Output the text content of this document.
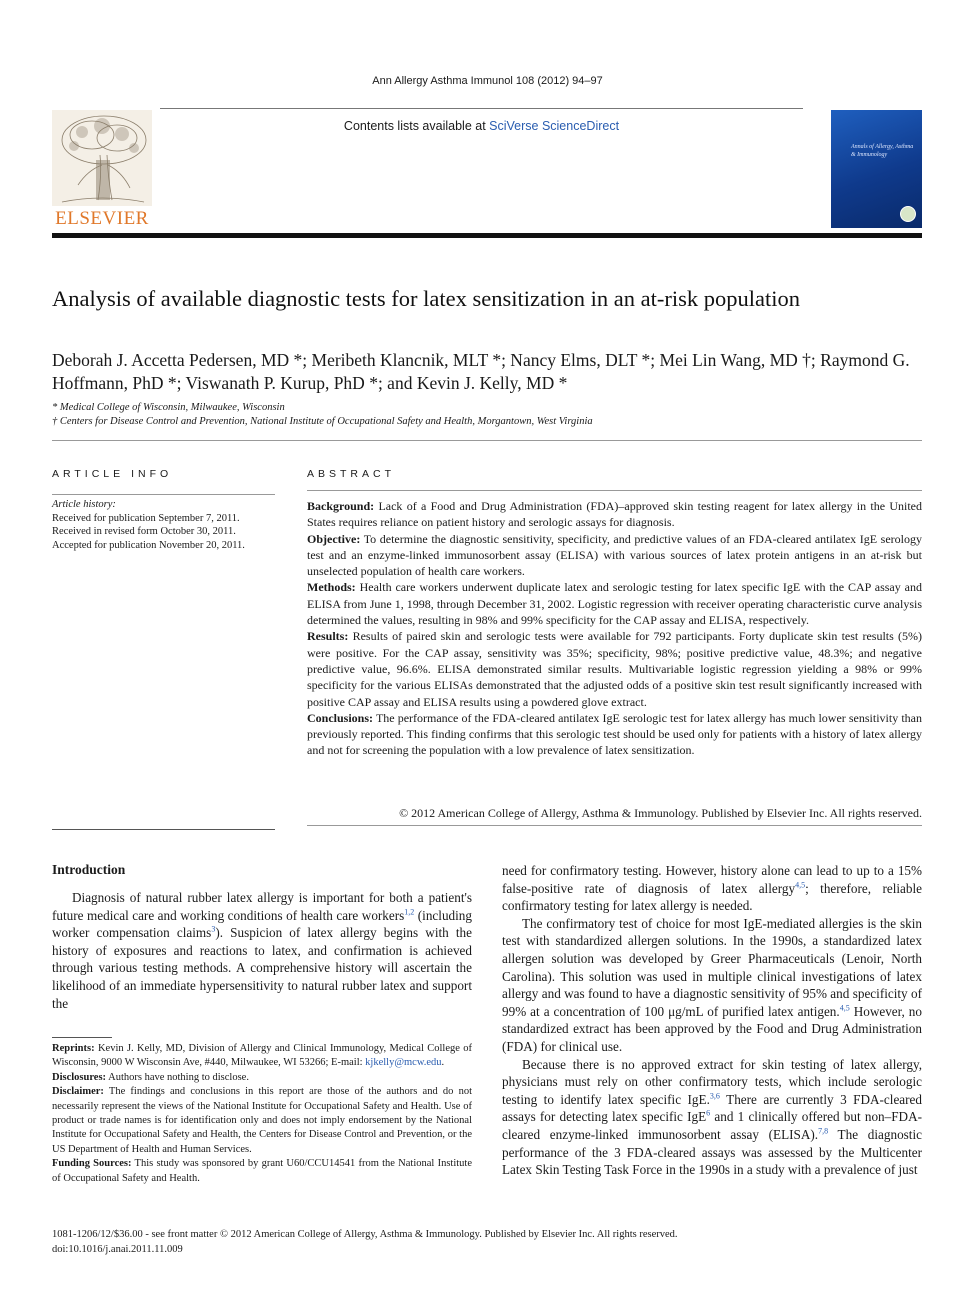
Ann Allergy Asthma Immunol 108 (2012) 94–97
Contents lists available at SciVerse ScienceDirect
ELSEVIER
Annals of Allergy, Asthma & Immunology
Analysis of available diagnostic tests for latex sensitization in an at-risk population
Deborah J. Accetta Pedersen, MD *; Meribeth Klancnik, MLT *; Nancy Elms, DLT *; Mei Lin Wang, MD †; Raymond G. Hoffmann, PhD *; Viswanath P. Kurup, PhD *; and Kevin J. Kelly, MD *
* Medical College of Wisconsin, Milwaukee, Wisconsin
† Centers for Disease Control and Prevention, National Institute of Occupational Safety and Health, Morgantown, West Virginia
ARTICLE INFO	ABSTRACT
Article history:
Received for publication September 7, 2011.
Received in revised form October 30, 2011.
Accepted for publication November 20, 2011.
Background: Lack of a Food and Drug Administration (FDA)–approved skin testing reagent for latex allergy in the United States requires reliance on patient history and serologic assays for diagnosis.
Objective: To determine the diagnostic sensitivity, specificity, and predictive values of an FDA-cleared antilatex IgE serology test and an enzyme-linked immunosorbent assay (ELISA) with various sources of latex protein antigens in an at-risk but unselected population of health care workers.
Methods: Health care workers underwent duplicate latex and serologic testing for latex specific IgE with the CAP assay and ELISA from June 1, 1998, through December 31, 2002. Logistic regression with receiver operating characteristic curve analysis determined the values, resulting in 98% and 99% specificity for the CAP assay and ELISA, respectively.
Results: Results of paired skin and serologic tests were available for 792 participants. Forty duplicate skin test results (5%) were positive. For the CAP assay, sensitivity was 35%; specificity, 98%; positive predictive value, 48.3%; and negative predictive value, 96.6%. ELISA demonstrated similar results. Multivariable logistic regression yielding a 98% or 99% specificity for the various ELISAs demonstrated that the adjusted odds of a positive skin test result significantly increased with positive CAP assay and ELISA results using a powdered glove extract.
Conclusions: The performance of the FDA-cleared antilatex IgE serologic test for latex allergy has much lower sensitivity than previously reported. This finding confirms that this serologic test should be used only for patients with a history of latex allergy and not for screening the population with a low prevalence of latex sensitization.
© 2012 American College of Allergy, Asthma & Immunology. Published by Elsevier Inc. All rights reserved.
Introduction

Diagnosis of natural rubber latex allergy is important for both a patient's future medical care and working conditions of health care workers$^{1,2}$ (including worker compensation claims$^3$). Suspicion of latex allergy begins with the history of exposures and reactions to latex, and confirmation is achieved through various testing methods. A comprehensive history will ascertain the likelihood of an immediate hypersensitivity to natural rubber latex and support the

need for confirmatory testing. However, history alone can lead to up to a 15% false-positive rate of diagnosis of latex allergy$^{4,5}$; therefore, reliable confirmatory testing for latex allergy is needed.

The confirmatory test of choice for most IgE-mediated allergies is the skin test with standardized allergen solutions. In the 1990s, a standardized latex allergen solution was developed by Greer Pharmaceuticals (Lenoir, North Carolina). This solution was used in multiple clinical investigations of latex allergy and was found to have a diagnostic sensitivity of 95% and specificity of 99% at a concentration of 100 μg/mL of purified latex antigen.$^{4,5}$ However, no standardized extract has been approved by the Food and Drug Administration (FDA) for clinical use.

Because there is no approved extract for skin testing of latex allergy, physicians must rely on other confirmatory tests, which include serologic testing to identify latex specific IgE.$^{3,6}$ There are currently 3 FDA-cleared assays for detecting latex specific IgE$^6$ and 1 clinically offered but non–FDA-cleared enzyme-linked immunosorbent assay (ELISA).$^{7,8}$ The diagnostic performance of the 3 FDA-cleared assays was assessed by the Multicenter Latex Skin Testing Task Force in the 1990s in a study with a prevalence of just

Reprints: Kevin J. Kelly, MD, Division of Allergy and Clinical Immunology, Medical College of Wisconsin, 9000 W Wisconsin Ave, #440, Milwaukee, WI 53266; E-mail: kjkelly@mcw.edu.
Disclosures: Authors have nothing to disclose.
Disclaimer: The findings and conclusions in this report are those of the authors and do not necessarily represent the views of the National Institute for Occupational Safety and Health. Use of product or trade names is for identification only and does not imply endorsement by the National Institute for Occupational Safety and Health, the Centers for Disease Control and Prevention, or the US Department of Health and Human Services.
Funding Sources: This study was sponsored by grant U60/CCU14541 from the National Institute of Occupational Safety and Health.
1081-1206/12/$36.00 - see front matter © 2012 American College of Allergy, Asthma & Immunology. Published by Elsevier Inc. All rights reserved.
doi:10.1016/j.anai.2011.11.009
